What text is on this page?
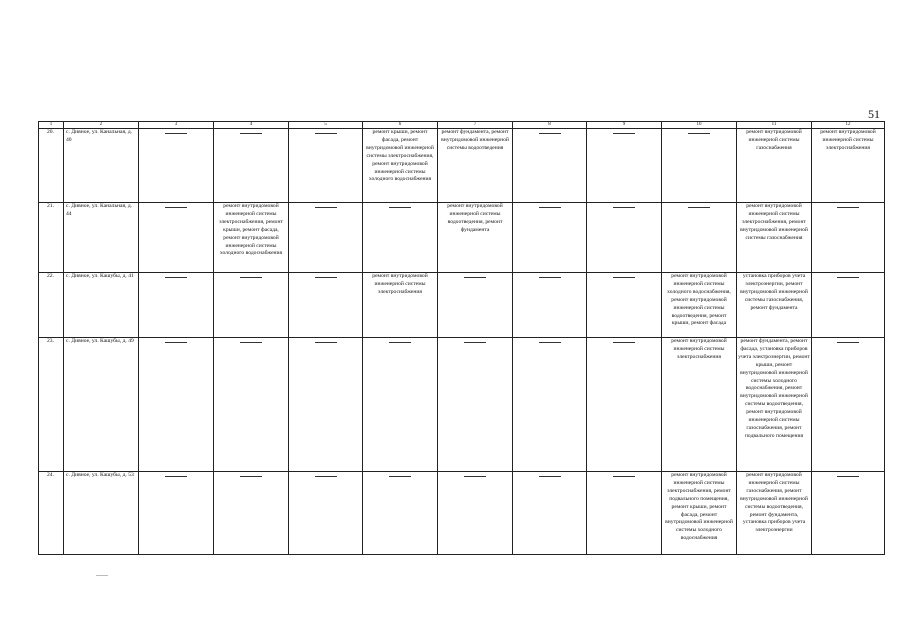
51
1	2	3	4	5	6	7	8	9	10	11	12
20.	с. Дивное, ул. Канальная, д. 40				ремонт крыши, ремонт фасада, ремонт внутридомовой инженерной системы электроснабжения, ремонт внутридомовой инженерной системы холодного водоснабжения	ремонт фундамента, ремонт внутридомовой инженерной системы водоотведения				ремонт внутридомовой инженерной системы газоснабжения	ремонт внутридомовой инженерной системы электроснабжения
21.	с. Дивное, ул. Канальная, д. 44		ремонт внутридомовой инженерной системы электроснабжения, ремонт крыши, ремонт фасада, ремонт внутридомовой инженерной системы холодного водоснабжения			ремонт внутридомовой инженерной системы водоотведения, ремонт фундамента				ремонт внутридомовой инженерной системы электроснабжения, ремонт внутридомовой инженерной системы газоснабжения	

22.	с. Дивное, ул. Кашубы, д. 41				ремонт внутридомовой инженерной системы электроснабжения				ремонт внутридомовой инженерной системы холодного водоснабжения, ремонт внутридомовой инженерной системы водоотведения, ремонт крыши, ремонт фасада	установка приборов учета электроэнергии, ремонт внутридомовой инженерной системы газоснабжения, ремонт фундамента	

23.	с. Дивное, ул. Кашубы, д. 49								ремонт внутридомовой инженерной системы электроснабжения	ремонт фундамента, ремонт фасада, установка приборов учета электроэнергии, ремонт крыши, ремонт внутридомовой инженерной системы холодного водоснабжения, ремонт внутридомовой инженерной системы водоотведения, ремонт внутридомовой инженерной системы газоснабжения, ремонт подвального помещения	

24.	с. Дивное, ул. Кашубы, д. 53								ремонт внутридомовой инженерной системы электроснабжения, ремонт подвального помещения, ремонт крыши, ремонт фасада, ремонт внутридомовой инженерной системы холодного водоснабжения	ремонт внутридомовой инженерной системы газоснабжения, ремонт внутридомовой инженерной системы водоотведения, ремонт фундамента, установка приборов учета электроэнергии	
